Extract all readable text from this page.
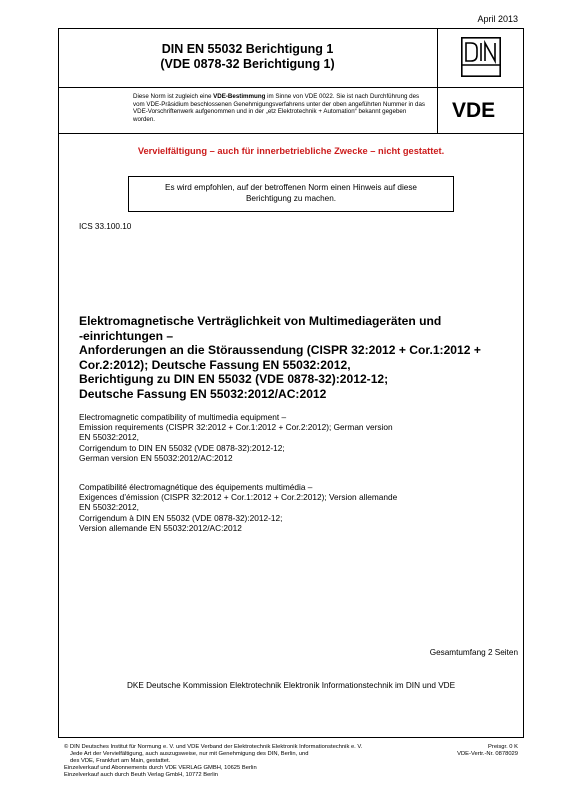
April 2013
DIN EN 55032 Berichtigung 1
(VDE 0878-32 Berichtigung 1)
Diese Norm ist zugleich eine VDE-Bestimmung im Sinne von VDE 0022. Sie ist nach Durchführung des vom VDE-Präsidium beschlossenen Genehmigungsverfahrens unter der oben angeführten Nummer in das VDE-Vorschriftenwerk aufgenommen und in der „etz Elektrotechnik + Automation“ bekannt gegeben worden.	VDE
Vervielfältigung – auch für innerbetriebliche Zwecke – nicht gestattet.
Es wird empfohlen, auf der betroffenen Norm einen Hinweis auf diese
Berichtigung zu machen.
ICS 33.100.10
Elektromagnetische Verträglichkeit von Multimediageräten und
-einrichtungen –
Anforderungen an die Störaussendung (CISPR 32:2012 + Cor.1:2012 +
Cor.2:2012); Deutsche Fassung EN 55032:2012,
Berichtigung zu DIN EN 55032 (VDE 0878-32):2012-12;
Deutsche Fassung EN 55032:2012/AC:2012
Electromagnetic compatibility of multimedia equipment –
Emission requirements (CISPR 32:2012 + Cor.1:2012 + Cor.2:2012); German version
EN 55032:2012,
Corrigendum to DIN EN 55032 (VDE 0878-32):2012-12;
German version EN 55032:2012/AC:2012
Compatibilité électromagnétique des équipements multimédia –
Exigences d’émission (CISPR 32:2012 + Cor.1:2012 + Cor.2:2012); Version allemande
EN 55032:2012,
Corrigendum à DIN EN 55032 (VDE 0878-32):2012-12;
Version allemande EN 55032:2012/AC:2012
Gesamtumfang 2 Seiten
DKE Deutsche Kommission Elektrotechnik Elektronik Informationstechnik im DIN und VDE
© DIN Deutsches Institut für Normung e. V. und VDE Verband der Elektrotechnik Elektronik Informationstechnik e. V.
Jede Art der Vervielfältigung, auch auszugsweise, nur mit Genehmigung des DIN, Berlin, und
des VDE, Frankfurt am Main, gestattet.
Einzelverkauf und Abonnements durch VDE VERLAG GMBH, 10625 Berlin
Einzelverkauf auch durch Beuth Verlag GmbH, 10772 Berlin
Preisgr. 0 K
VDE-Vertr.-Nr. 0878029
